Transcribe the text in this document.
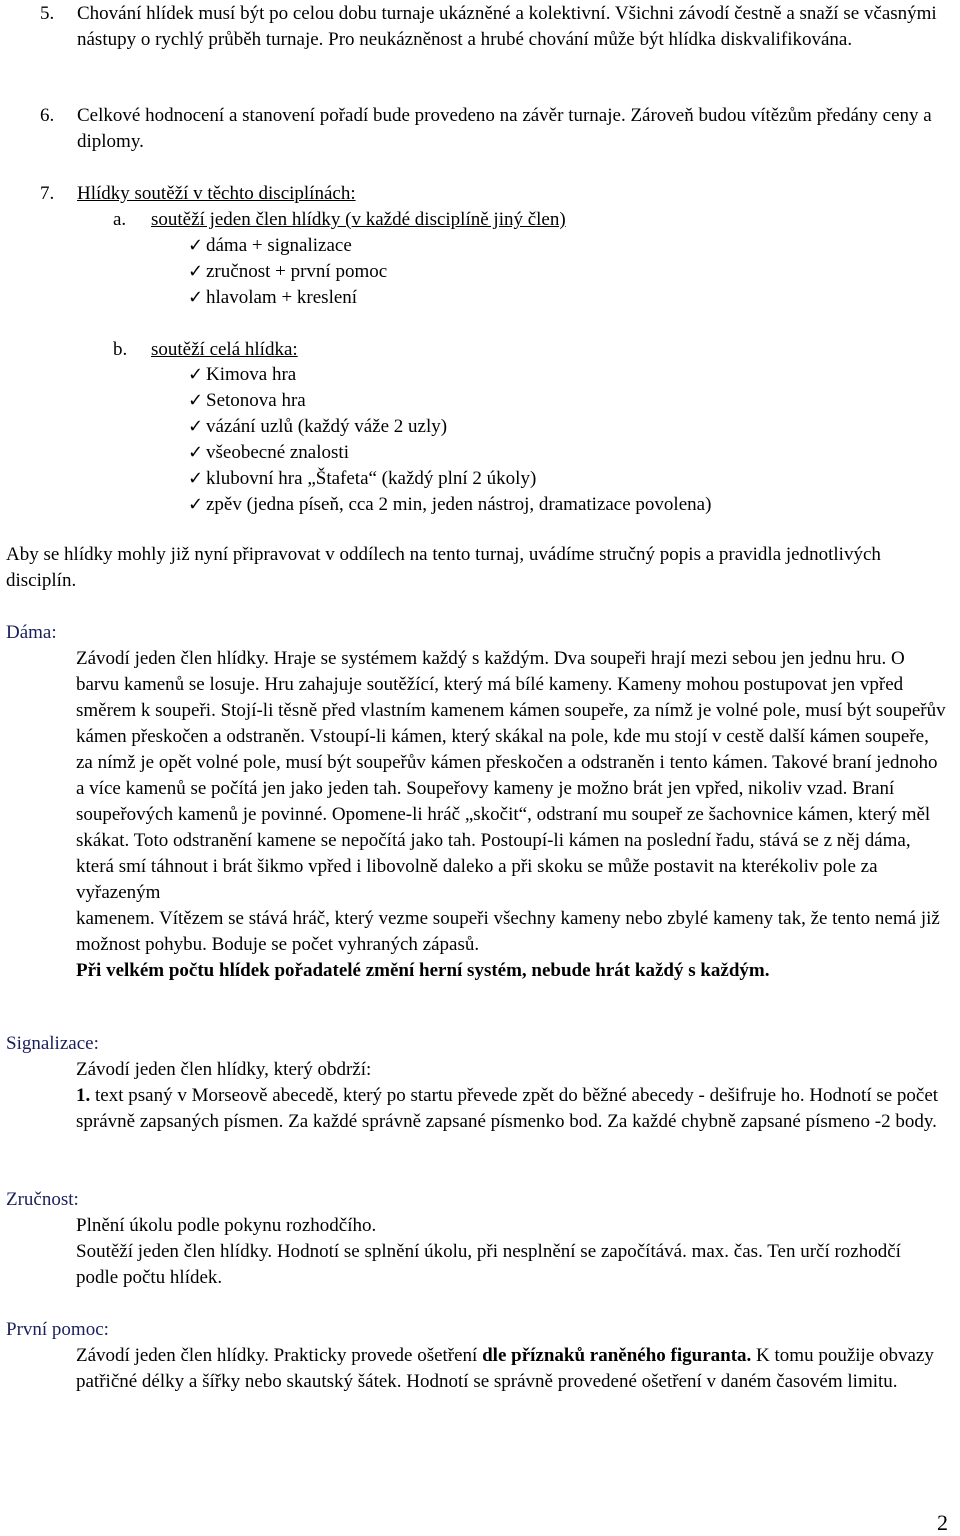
5. Chování hlídek musí být po celou dobu turnaje ukázněné a kolektivní. Všichni závodí čestně a snaží se včasnými nástupy o rychlý průběh turnaje. Pro neukázněnost a hrubé chování může být hlídka diskvalifikována.
6. Celkové hodnocení a stanovení pořadí bude provedeno na závěr turnaje. Zároveň budou vítězům předány ceny a diplomy.
7. Hlídky soutěží v těchto disciplínách:
a. soutěží jeden člen hlídky (v každé disciplíně jiný člen)
✓ dáma + signalizace
✓ zručnost + první pomoc
✓ hlavolam + kreslení
b. soutěží celá hlídka:
✓ Kimova hra
✓ Setonova hra
✓ vázání uzlů (každý váže 2 uzly)
✓ všeobecné znalosti
✓ klubovní hra „Štafeta“ (každý plní 2 úkoly)
✓ zpěv (jedna píseň, cca 2 min, jeden nástroj, dramatizace povolena)
Aby se hlídky mohly již nyní připravovat v oddílech na tento turnaj, uvádíme stručný popis a pravidla jednotlivých disciplín.
Dáma:

Závodí jeden člen hlídky. Hraje se systémem každý s každým. Dva soupeři hrají mezi sebou jen jednu hru. O barvu kamenů se losuje. Hru zahajuje soutěžící, který má bílé kameny. Kameny mohou postupovat jen vpřed směrem k soupeři. Stojí-li těsně před vlastním kamenem kámen soupeře, za nímž je volné pole, musí být soupeřův kámen přeskočen a odstraněn. Vstoupí-li kámen, který skákal na pole, kde mu stojí v cestě další kámen soupeře, za nímž je opět volné pole, musí být soupeřův kámen přeskočen a odstraněn i tento kámen. Takové braní jednoho a více kamenů se počítá jen jako jeden tah. Soupeřovy kameny je možno brát jen vpřed, nikoliv vzad. Braní soupeřových kamenů je povinné. Opomene-li hráč „skočit“, odstraní mu soupeř ze šachovnice kámen, který měl skákat. Toto odstranění kamene se nepočítá jako tah. Postoupí-li kámen na poslední řadu, stává se z něj dáma, která smí táhnout i brát šikmo vpřed i libovolně daleko a při skoku se může postavit na kterékoliv pole za vyřazeným

kamenem. Vítězem se stává hráč, který vezme soupeři všechny kameny nebo zbylé kameny tak, že tento nemá již možnost pohybu. Boduje se počet vyhraných zápasů.

Při velkém počtu hlídek pořadatelé změní herní systém, nebude hrát každý s každým.

Signalizace:

Závodí jeden člen hlídky, který obdrží:

1. text psaný v Morseově abecedě, který po startu převede zpět do běžné abecedy - dešifruje ho. Hodnotí se počet správně zapsaných písmen. Za každé správně zapsané písmenko bod. Za každé chybně zapsané písmeno -2 body.

Zručnost:

Plnění úkolu podle pokynu rozhodčího.

Soutěží jeden člen hlídky. Hodnotí se splnění úkolu, při nesplnění se započítává. max. čas. Ten určí rozhodčí podle počtu hlídek.

První pomoc:

Závodí jeden člen hlídky. Prakticky provede ošetření dle příznaků raněného figuranta. K tomu použije obvazy patřičné délky a šířky nebo skautský šátek. Hodnotí se správně provedené ošetření v daném časovém limitu.

2
